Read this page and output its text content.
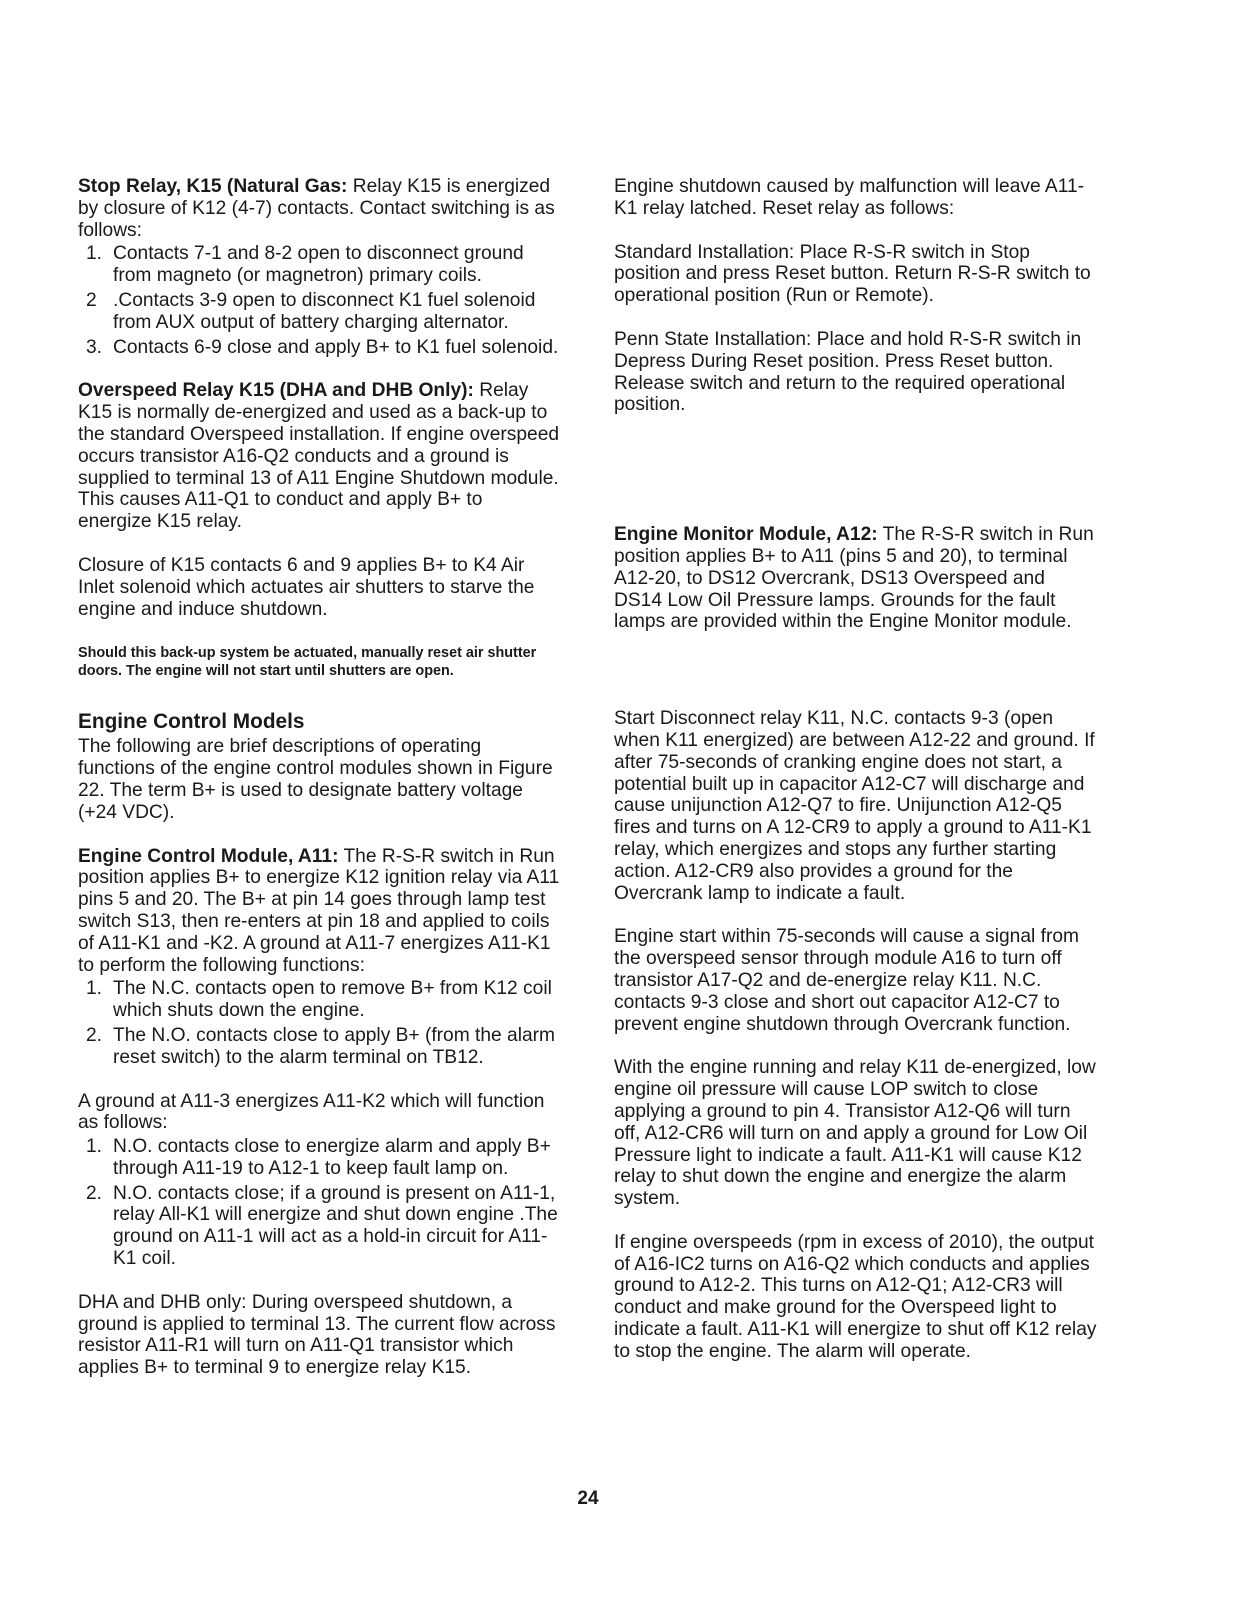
Stop Relay, K15 (Natural Gas: Relay K15 is energized by closure of K12 (4-7) contacts. Contact switching is as follows:

1. Contacts 7-1 and 8-2 open to disconnect ground from magneto (or magnetron) primary coils.
2 .Contacts 3-9 open to disconnect K1 fuel solenoid from AUX output of battery charging alternator.
3. Contacts 6-9 close and apply B+ to K1 fuel solenoid.

Overspeed Relay K15 (DHA and DHB Only): Relay K15 is normally de-energized and used as a back-up to the standard Overspeed installation. If engine overspeed occurs transistor A16-Q2 conducts and a ground is supplied to terminal 13 of A11 Engine Shutdown module. This causes A11-Q1 to conduct and apply B+ to energize K15 relay.

Closure of K15 contacts 6 and 9 applies B+ to K4 Air Inlet solenoid which actuates air shutters to starve the engine and induce shutdown.

Should this back-up system be actuated, manually reset air shutter doors. The engine will not start until shutters are open.

Engine Control Models

The following are brief descriptions of operating functions of the engine control modules shown in Figure 22. The term B+ is used to designate battery voltage (+24 VDC).

Engine Control Module, A11: The R-S-R switch in Run position applies B+ to energize K12 ignition relay via A11 pins 5 and 20. The B+ at pin 14 goes through lamp test switch S13, then re-enters at pin 18 and applied to coils of A11-K1 and -K2. A ground at A11-7 energizes A11-K1 to perform the following functions:

1. The N.C. contacts open to remove B+ from K12 coil which shuts down the engine.
2. The N.O. contacts close to apply B+ (from the alarm reset switch) to the alarm terminal on TB12.

A ground at A11-3 energizes A11-K2 which will function as follows:

1. N.O. contacts close to energize alarm and apply B+ through A11-19 to A12-1 to keep fault lamp on.
2. N.O. contacts close; if a ground is present on A11-1, relay All-K1 will energize and shut down engine .The ground on A11-1 will act as a hold-in circuit for A11-K1 coil.

DHA and DHB only: During overspeed shutdown, a ground is applied to terminal 13. The current flow across resistor A11-R1 will turn on A11-Q1 transistor which applies B+ to terminal 9 to energize relay K15.

Engine shutdown caused by malfunction will leave A11-K1 relay latched. Reset relay as follows:

Standard Installation: Place R-S-R switch in Stop position and press Reset button. Return R-S-R switch to operational position (Run or Remote).

Penn State Installation: Place and hold R-S-R switch in Depress During Reset position. Press Reset button. Release switch and return to the required operational position.

Engine Monitor Module, A12: The R-S-R switch in Run position applies B+ to A11 (pins 5 and 20), to terminal A12-20, to DS12 Overcrank, DS13 Overspeed and DS14 Low Oil Pressure lamps. Grounds for the fault lamps are provided within the Engine Monitor module.

Start Disconnect relay K11, N.C. contacts 9-3 (open when K11 energized) are between A12-22 and ground. If after 75-seconds of cranking engine does not start, a potential built up in capacitor A12-C7 will discharge and cause unijunction A12-Q7 to fire. Unijunction A12-Q5 fires and turns on A 12-CR9 to apply a ground to A11-K1 relay, which energizes and stops any further starting action. A12-CR9 also provides a ground for the Overcrank lamp to indicate a fault.

Engine start within 75-seconds will cause a signal from the overspeed sensor through module A16 to turn off transistor A17-Q2 and de-energize relay K11. N.C. contacts 9-3 close and short out capacitor A12-C7 to prevent engine shutdown through Overcrank function.

With the engine running and relay K11 de-energized, low engine oil pressure will cause LOP switch to close applying a ground to pin 4. Transistor A12-Q6 will turn off, A12-CR6 will turn on and apply a ground for Low Oil Pressure light to indicate a fault. A11-K1 will cause K12 relay to shut down the engine and energize the alarm system.

If engine overspeeds (rpm in excess of 2010), the output of A16-IC2 turns on A16-Q2 which conducts and applies ground to A12-2. This turns on A12-Q1; A12-CR3 will conduct and make ground for the Overspeed light to indicate a fault. A11-K1 will energize to shut off K12 relay to stop the engine. The alarm will operate.

24
